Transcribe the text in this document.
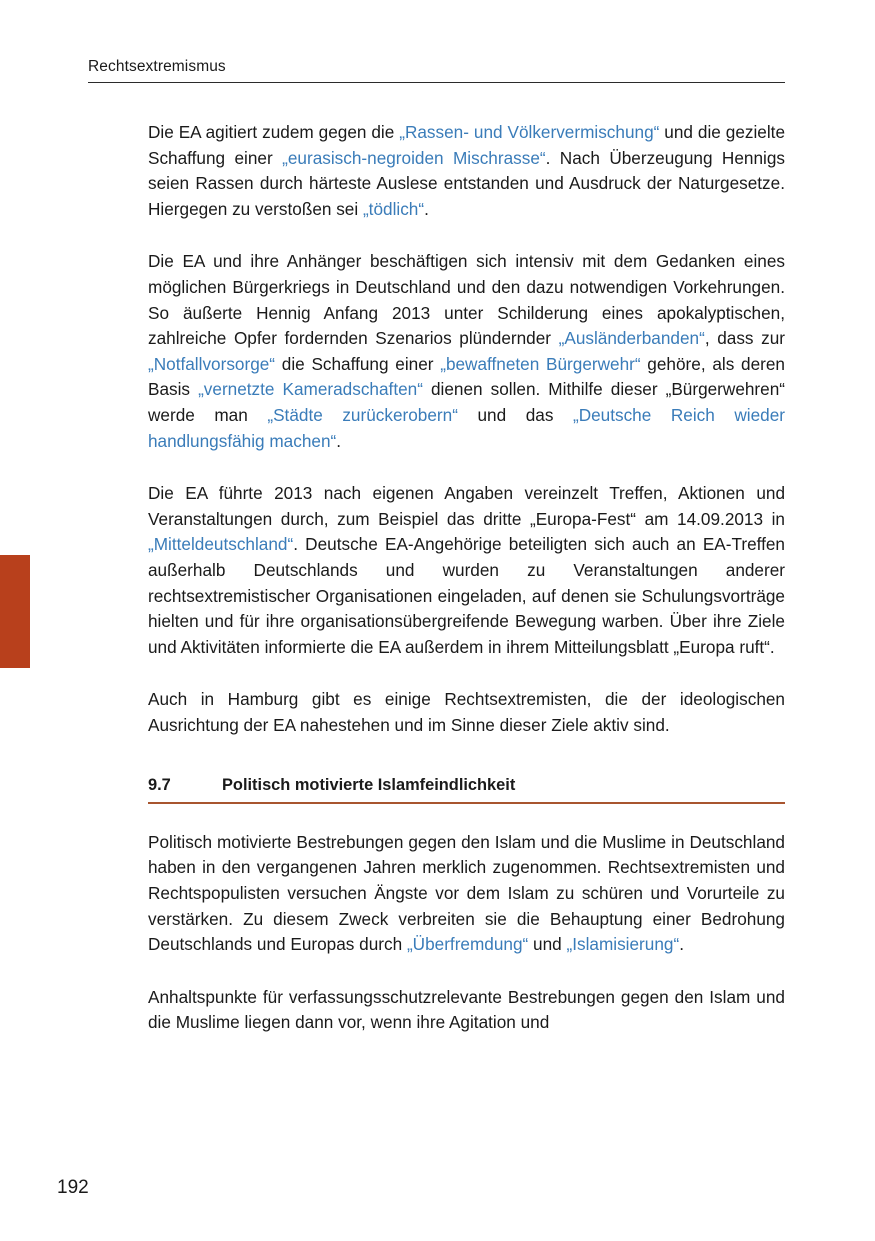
Rechtsextremismus

Die EA agitiert zudem gegen die „Rassen- und Völkervermischung“ und die gezielte Schaffung einer „eurasisch-negroiden Mischrasse“. Nach Überzeugung Hennigs seien Rassen durch härteste Auslese entstanden und Ausdruck der Naturgesetze. Hiergegen zu verstoßen sei „tödlich“.

Die EA und ihre Anhänger beschäftigen sich intensiv mit dem Gedanken eines möglichen Bürgerkriegs in Deutschland und den dazu notwendigen Vorkehrungen. So äußerte Hennig Anfang 2013 unter Schilderung eines apokalyptischen, zahlreiche Opfer fordernden Szenarios plündernder „Ausländerbanden“, dass zur „Notfallvorsorge“ die Schaffung einer „bewaffneten Bürgerwehr“ gehöre, als deren Basis „vernetzte Kameradschaften“ dienen sollen. Mithilfe dieser „Bürgerwehren“ werde man „Städte zurückerobern“ und das „Deutsche Reich wieder handlungsfähig machen“.

Die EA führte 2013 nach eigenen Angaben vereinzelt Treffen, Aktionen und Veranstaltungen durch, zum Beispiel das dritte „Europa-Fest“ am 14.09.2013 in „Mitteldeutschland“. Deutsche EA-Angehörige beteiligten sich auch an EA-Treffen außerhalb Deutschlands und wurden zu Veranstaltungen anderer rechtsextremistischer Organisationen eingeladen, auf denen sie Schulungsvorträge hielten und für ihre organisationsübergreifende Bewegung warben. Über ihre Ziele und Aktivitäten informierte die EA außerdem in ihrem Mitteilungsblatt „Europa ruft“.

Auch in Hamburg gibt es einige Rechtsextremisten, die der ideologischen Ausrichtung der EA nahestehen und im Sinne dieser Ziele aktiv sind.

9.7	Politisch motivierte Islamfeindlichkeit

Politisch motivierte Bestrebungen gegen den Islam und die Muslime in Deutschland haben in den vergangenen Jahren merklich zugenommen. Rechtsextremisten und Rechtspopulisten versuchen Ängste vor dem Islam zu schüren und Vorurteile zu verstärken. Zu diesem Zweck verbreiten sie die Behauptung einer Bedrohung Deutschlands und Europas durch „Überfremdung“ und „Islamisierung“.

Anhaltspunkte für verfassungsschutzrelevante Bestrebungen gegen den Islam und die Muslime liegen dann vor, wenn ihre Agitation und

192
